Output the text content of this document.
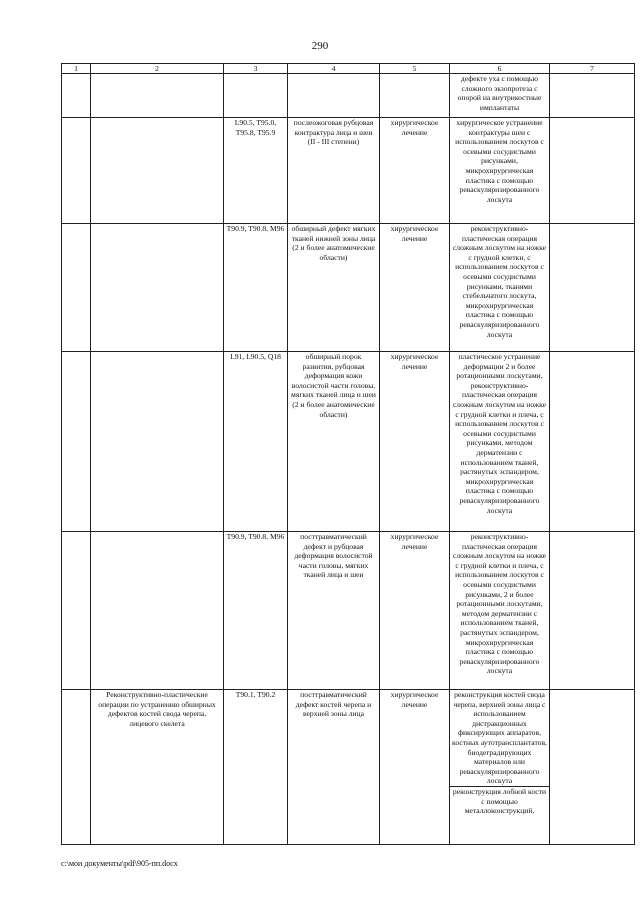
290
1	2	3	4	5	6	7

					дефекте уха с помощью сложного экзопротеза с опорой на внутрикостные имплантаты	

		L90.5, T95.0, T95.8, T95.9	послеожоговая рубцовая контрактура лица и шеи (II - III степени)	хирургическое лечение	хирургическое устранение контрактуры шеи с использованием лоскутов с осевыми сосудистыми рисунками, микрохирургическая пластика с помощью реваскуляризированного лоскута	

		T90.9, T90.8, M96	обширный дефект мягких тканей нижней зоны лица (2 и более анатомические области)	хирургическое лечение	реконструктивно-пластическая операция сложным лоскутом на ножке с грудной клетки, с использованием лоскутов с осевыми сосудистыми рисунками, тканями стебельчатого лоскута, микрохирургическая пластика с помощью реваскуляризированного лоскута	

		L91, L90.5, Q18	обширный порок развития, рубцовая деформация кожи волосистой части головы, мягких тканей лица и шеи (2 и более анатомические области)	хирургическое лечение	пластическое устранение деформации 2 и более ротационными лоскутами, реконструктивно-пластическая операция сложным лоскутом на ножке с грудной клетки и плеча, с использованием лоскутов с осевыми сосудистыми рисунками, методом дерматензии с использованием тканей, растянутых эспандером, микрохирургическая пластика с помощью реваскуляризированного лоскута	

		T90.9, T90.8, M96	посттравматический дефект и рубцовая деформация волосистой части головы, мягких тканей лица и шеи	хирургическое лечение	реконструктивно-пластическая операция сложным лоскутом на ножке с грудной клетки и плеча, с использованием лоскутов с осевыми сосудистыми рисунками, 2 и более ротационными лоскутами, методом дерматензии с использованием тканей, растянутых эспандером, микрохирургическая пластика с помощью реваскуляризированного лоскута	

	Реконструктивно-пластические операции по устранению обширных дефектов костей свода черепа, лицевого скелета	T90.1, T90.2	посттравматический дефект костей черепа и верхней зоны лица	хирургическое лечение	реконструкция костей свода черепа, верхней зоны лица с использованием дистракционных фиксирующих аппаратов, костных аутотрансплантатов, биодеградирующих материалов или реваскуляризированного лоскута
реконструкция лобной кости с помощью металлоконструкций,	

c:\мои документы\pdf\905-пп.docx
